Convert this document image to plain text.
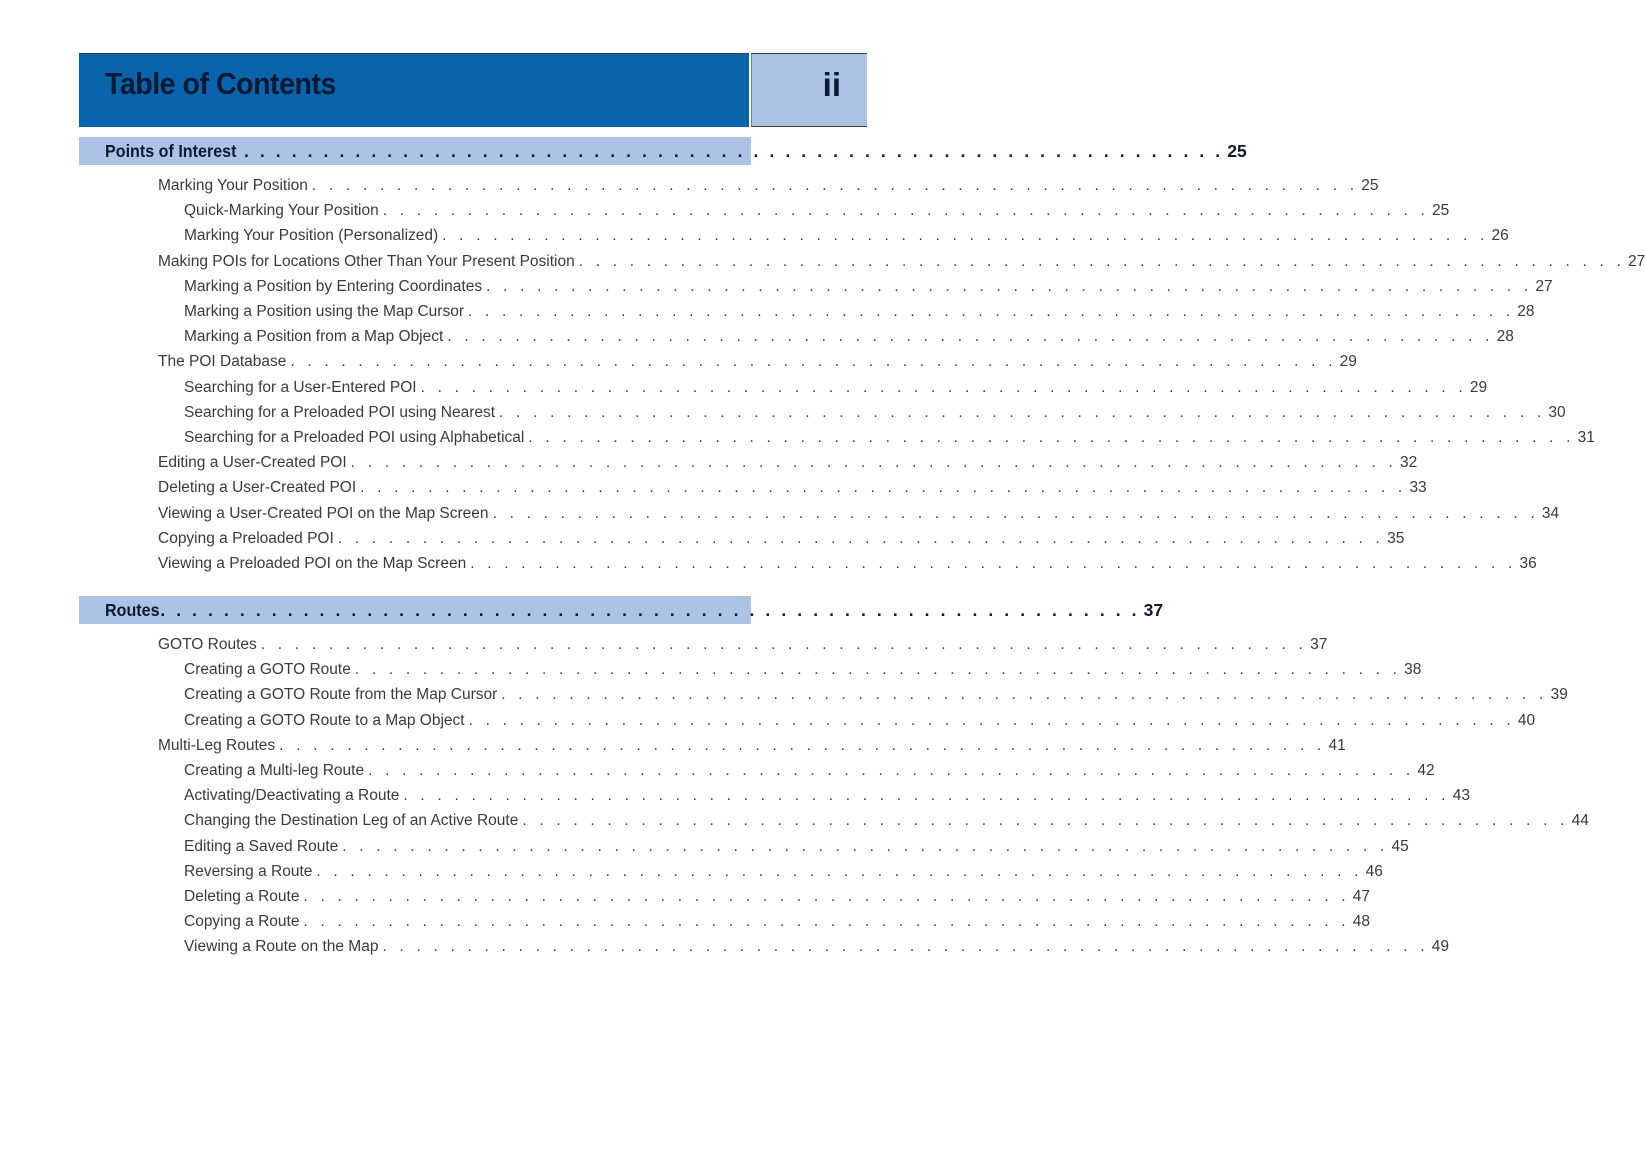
Table of Contents	ii
Points of Interest . . . . . . . . . . . . . . . . . . . . . . . . . . . . . . . . . . . . . . . . . . . . . . . . . . . . . . . . . . . . . . 25
Marking Your Position . . . . . . . . . . . . . . . . . . . . . . . . . . . . . . . . . . . . . . . . . . . . . . . . . . . . . . . . . . . . . . 25
Quick-Marking Your Position . . . . . . . . . . . . . . . . . . . . . . . . . . . . . . . . . . . . . . . . . . . . . . . . . . . . . . . . . . . . . . 25
Marking Your Position (Personalized) . . . . . . . . . . . . . . . . . . . . . . . . . . . . . . . . . . . . . . . . . . . . . . . . . . . . . . . . . . . . . . 26
Making POIs for Locations Other Than Your Present Position . . . . . . . . . . . . . . . . . . . . . . . . . . . . . . . . . . . . . . . . . . . . . . . . . . . . . . . . . . . . . . 27
Marking a Position by Entering Coordinates . . . . . . . . . . . . . . . . . . . . . . . . . . . . . . . . . . . . . . . . . . . . . . . . . . . . . . . . . . . . . . 27
Marking a Position using the Map Cursor . . . . . . . . . . . . . . . . . . . . . . . . . . . . . . . . . . . . . . . . . . . . . . . . . . . . . . . . . . . . . . 28
Marking a Position from a Map Object . . . . . . . . . . . . . . . . . . . . . . . . . . . . . . . . . . . . . . . . . . . . . . . . . . . . . . . . . . . . . . 28
The POI Database . . . . . . . . . . . . . . . . . . . . . . . . . . . . . . . . . . . . . . . . . . . . . . . . . . . . . . . . . . . . . . 29
Searching for a User-Entered POI . . . . . . . . . . . . . . . . . . . . . . . . . . . . . . . . . . . . . . . . . . . . . . . . . . . . . . . . . . . . . . 29
Searching for a Preloaded POI using Nearest . . . . . . . . . . . . . . . . . . . . . . . . . . . . . . . . . . . . . . . . . . . . . . . . . . . . . . . . . . . . . . 30
Searching for a Preloaded POI using Alphabetical . . . . . . . . . . . . . . . . . . . . . . . . . . . . . . . . . . . . . . . . . . . . . . . . . . . . . . . . . . . . . . 31
Editing a User-Created POI . . . . . . . . . . . . . . . . . . . . . . . . . . . . . . . . . . . . . . . . . . . . . . . . . . . . . . . . . . . . . . 32
Deleting a User-Created POI . . . . . . . . . . . . . . . . . . . . . . . . . . . . . . . . . . . . . . . . . . . . . . . . . . . . . . . . . . . . . . 33
Viewing a User-Created POI on the Map Screen . . . . . . . . . . . . . . . . . . . . . . . . . . . . . . . . . . . . . . . . . . . . . . . . . . . . . . . . . . . . . . 34
Copying a Preloaded POI . . . . . . . . . . . . . . . . . . . . . . . . . . . . . . . . . . . . . . . . . . . . . . . . . . . . . . . . . . . . . . 35
Viewing a Preloaded POI on the Map Screen . . . . . . . . . . . . . . . . . . . . . . . . . . . . . . . . . . . . . . . . . . . . . . . . . . . . . . . . . . . . . . 36
Routes . . . . . . . . . . . . . . . . . . . . . . . . . . . . . . . . . . . . . . . . . . . . . . . . . . . . . . . . . . . . . . 37
GOTO Routes . . . . . . . . . . . . . . . . . . . . . . . . . . . . . . . . . . . . . . . . . . . . . . . . . . . . . . . . . . . . . . 37
Creating a GOTO Route . . . . . . . . . . . . . . . . . . . . . . . . . . . . . . . . . . . . . . . . . . . . . . . . . . . . . . . . . . . . . . 38
Creating a GOTO Route from the Map Cursor . . . . . . . . . . . . . . . . . . . . . . . . . . . . . . . . . . . . . . . . . . . . . . . . . . . . . . . . . . . . . . 39
Creating a GOTO Route to a Map Object . . . . . . . . . . . . . . . . . . . . . . . . . . . . . . . . . . . . . . . . . . . . . . . . . . . . . . . . . . . . . . 40
Multi-Leg Routes . . . . . . . . . . . . . . . . . . . . . . . . . . . . . . . . . . . . . . . . . . . . . . . . . . . . . . . . . . . . . . 41
Creating a Multi-leg Route . . . . . . . . . . . . . . . . . . . . . . . . . . . . . . . . . . . . . . . . . . . . . . . . . . . . . . . . . . . . . . 42
Activating/Deactivating a Route . . . . . . . . . . . . . . . . . . . . . . . . . . . . . . . . . . . . . . . . . . . . . . . . . . . . . . . . . . . . . . 43
Changing the Destination Leg of an Active Route . . . . . . . . . . . . . . . . . . . . . . . . . . . . . . . . . . . . . . . . . . . . . . . . . . . . . . . . . . . . . . 44
Editing a Saved Route . . . . . . . . . . . . . . . . . . . . . . . . . . . . . . . . . . . . . . . . . . . . . . . . . . . . . . . . . . . . . . 45
Reversing a Route . . . . . . . . . . . . . . . . . . . . . . . . . . . . . . . . . . . . . . . . . . . . . . . . . . . . . . . . . . . . . . 46
Deleting a Route . . . . . . . . . . . . . . . . . . . . . . . . . . . . . . . . . . . . . . . . . . . . . . . . . . . . . . . . . . . . . . 47
Copying a Route . . . . . . . . . . . . . . . . . . . . . . . . . . . . . . . . . . . . . . . . . . . . . . . . . . . . . . . . . . . . . . 48
Viewing a Route on the Map . . . . . . . . . . . . . . . . . . . . . . . . . . . . . . . . . . . . . . . . . . . . . . . . . . . . . . . . . . . . . . 49
